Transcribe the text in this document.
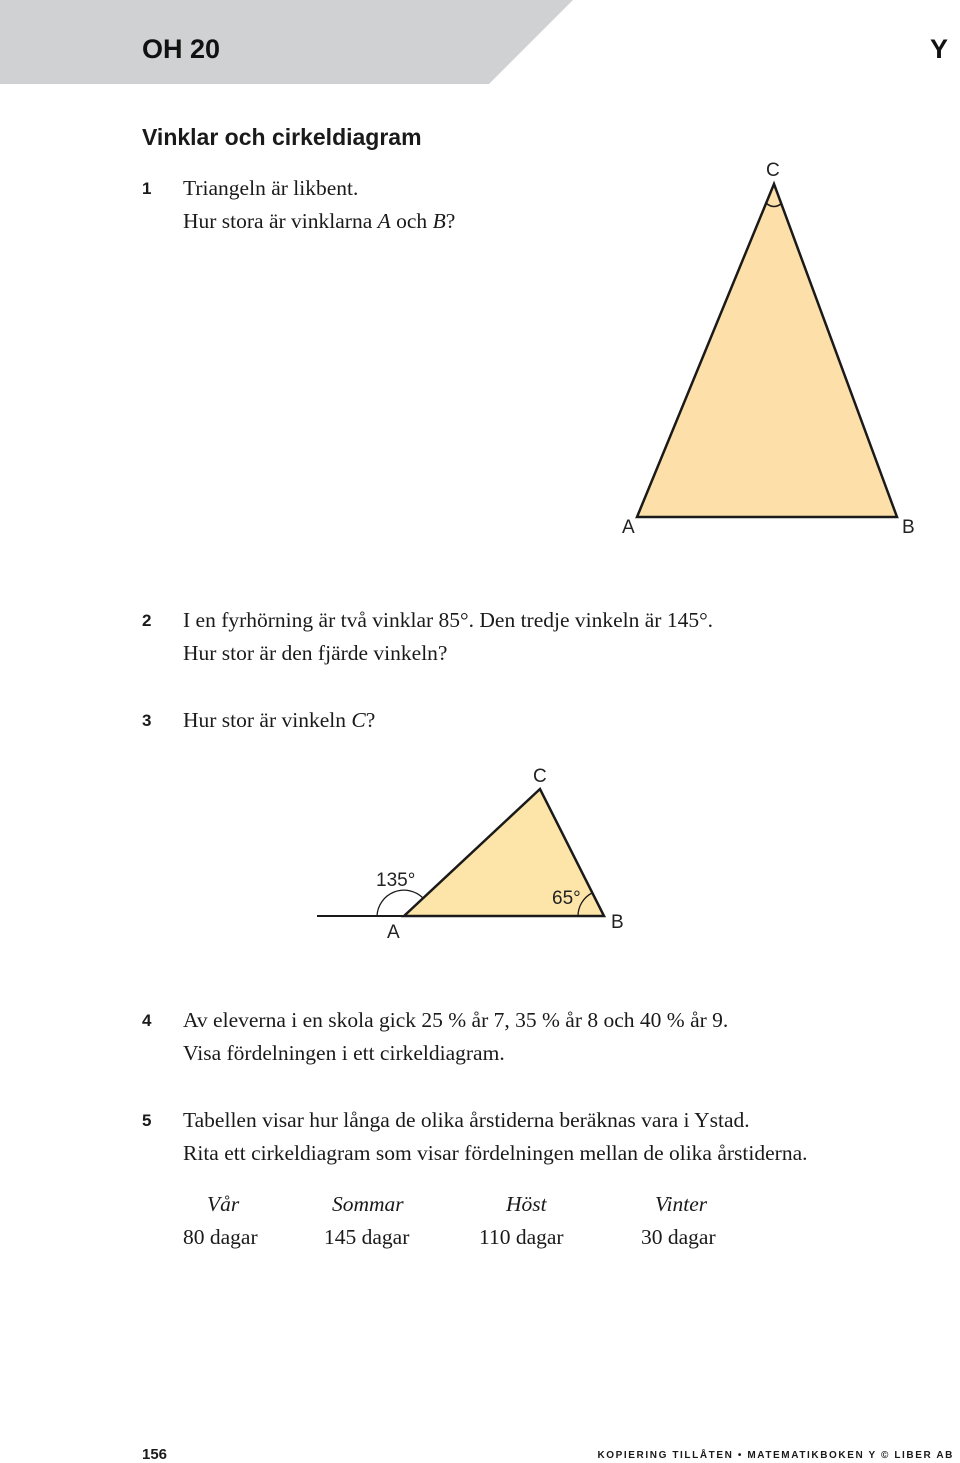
OH 20	Y
Vinklar och cirkeldiagram
1 Triangeln är likbent.
Hur stora är vinklarna A och B?
C
A	B
2 I en fyrhörning är två vinklar 85°. Den tredje vinkeln är 145°.
Hur stor är den fjärde vinkeln?
3 Hur stor är vinkeln C?
135°
65°
C
A	B
4 Av eleverna i en skola gick 25 % år 7, 35 % år 8 och 40 % år 9.
Visa fördelningen i ett cirkeldiagram.
5 Tabellen visar hur långa de olika årstiderna beräknas vara i Ystad.
Rita ett cirkeldiagram som visar fördelningen mellan de olika årstiderna.
Vår	Sommar	Höst	Vinter
80 dagar	145 dagar	110 dagar	30 dagar
156	KOPIERING TILLÅTEN • MATEMATIKBOKEN Y © LIBER AB
